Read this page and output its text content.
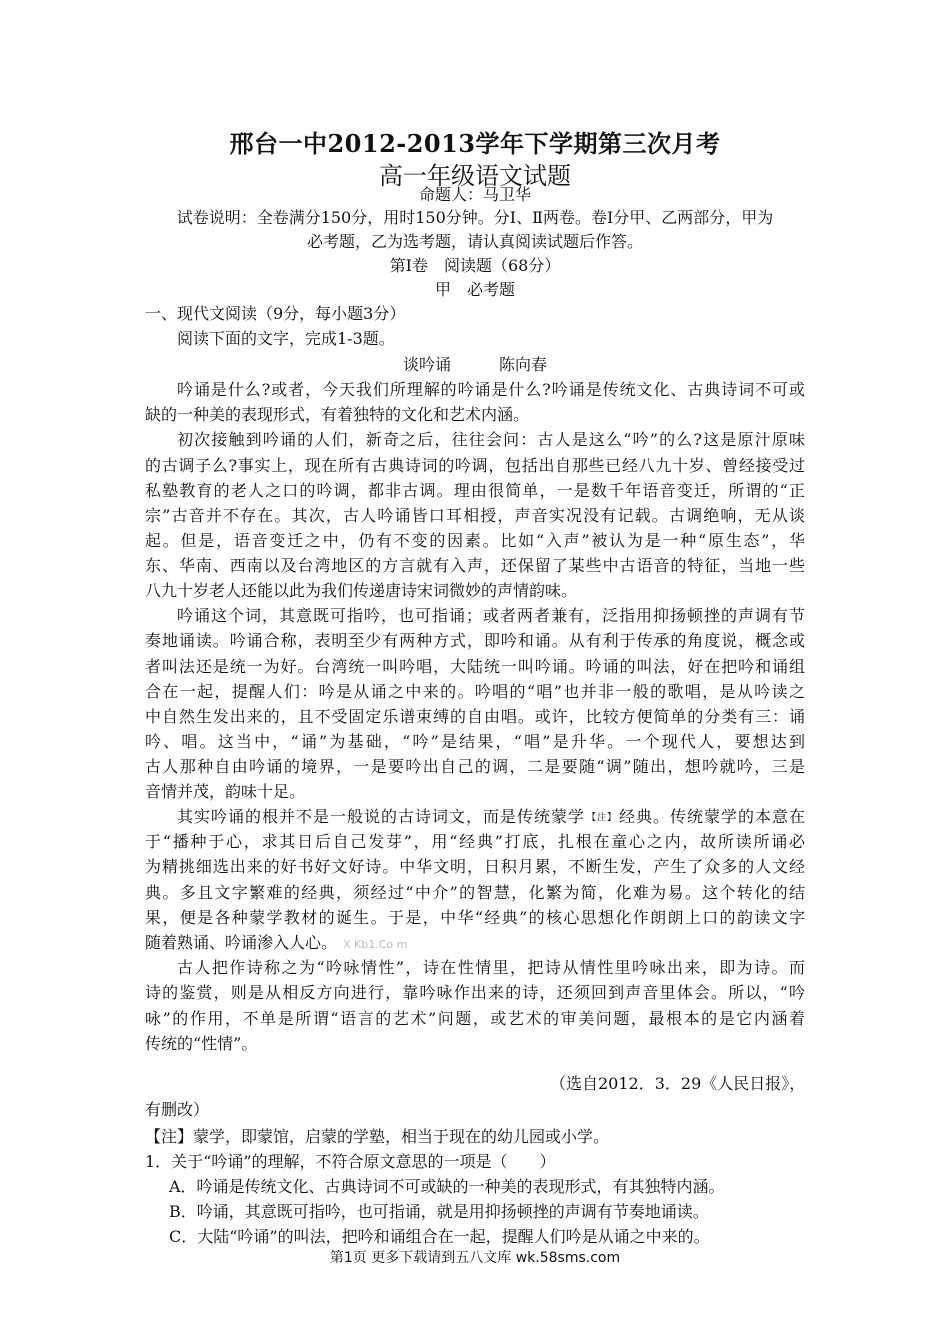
邢台一中2012-2013学年下学期第三次月考
高一年级语文试题
命题人：马卫华
试卷说明：全卷满分150分，用时150分钟。分Ⅰ、Ⅱ两卷。卷Ⅰ分甲、乙两部分，甲为
必考题，乙为选考题，请认真阅读试题后作答。
第Ⅰ卷　阅读题（68分）
甲　必考题
一、现代文阅读（9分，每小题3分）
阅读下面的文字，完成1-3题。
谈吟诵　　　陈向春
吟诵是什么?或者，今天我们所理解的吟诵是什么?吟诵是传统文化、古典诗词不可或
缺的一种美的表现形式，有着独特的文化和艺术内涵。
初次接触到吟诵的人们，新奇之后，往往会问：古人是这么“吟”的么?这是原汁原味
的古调子么?事实上，现在所有古典诗词的吟调，包括出自那些已经八九十岁、曾经接受过
私塾教育的老人之口的吟调，都非古调。理由很简单，一是数千年语音变迁，所谓的“正
宗”古音并不存在。其次，古人吟诵皆口耳相授，声音实况没有记载。古调绝响，无从谈
起。但是，语音变迁之中，仍有不变的因素。比如“入声”被认为是一种“原生态”，华
东、华南、西南以及台湾地区的方言就有入声，还保留了某些中古语音的特征，当地一些
八九十岁老人还能以此为我们传递唐诗宋词微妙的声情韵味。
吟诵这个词，其意既可指吟，也可指诵；或者两者兼有，泛指用抑扬顿挫的声调有节
奏地诵读。吟诵合称，表明至少有两种方式，即吟和诵。从有利于传承的角度说，概念或
者叫法还是统一为好。台湾统一叫吟唱，大陆统一叫吟诵。吟诵的叫法，好在把吟和诵组
合在一起，提醒人们：吟是从诵之中来的。吟唱的“唱”也并非一般的歌唱，是从吟读之
中自然生发出来的，且不受固定乐谱束缚的自由唱。或许，比较方便简单的分类有三：诵
吟、唱。这当中，“诵”为基础，“吟”是结果，“唱”是升华。一个现代人，要想达到
古人那种自由吟诵的境界，一是要吟出自己的调，二是要随“调”随出，想吟就吟，三是
音情并茂，韵味十足。
其实吟诵的根并不是一般说的古诗词文，而是传统蒙学 【注】 经典。传统蒙学的本意在
于“播种于心，求其日后自己发芽”，用“经典”打底，扎根在童心之内，故所读所诵必
为精挑细选出来的好书好文好诗。中华文明，日积月累，不断生发，产生了众多的人文经
典。多且文字繁难的经典，须经过“中介”的智慧，化繁为简，化难为易。这个转化的结
果，便是各种蒙学教材的诞生。于是，中华“经典”的核心思想化作朗朗上口的韵读文字
随着熟诵、吟诵渗入人心。 X Kb1.Co m
古人把作诗称之为“吟咏情性”，诗在性情里，把诗从情性里吟咏出来，即为诗。而
诗的鉴赏，则是从相反方向进行，靠吟咏作出来的诗，还须回到声音里体会。所以，“吟
咏”的作用，不单是所谓“语言的艺术”问题，或艺术的审美问题，最根本的是它内涵着
传统的“性情”。
（选自2012．3．29《人民日报》，
有删改）
【注】蒙学，即蒙馆，启蒙的学塾，相当于现在的幼儿园或小学。
1．关于“吟诵”的理解，不符合原文意思的一项是（　　）
A．吟诵是传统文化、古典诗词不可或缺的一种美的表现形式，有其独特内涵。
B．吟诵，其意既可指吟，也可指诵，就是用抑扬顿挫的声调有节奏地诵读。
C．大陆“吟诵”的叫法，把吟和诵组合在一起，提醒人们吟是从诵之中来的。
第1页 更多下载请到五八文库 wk.58sms.com
